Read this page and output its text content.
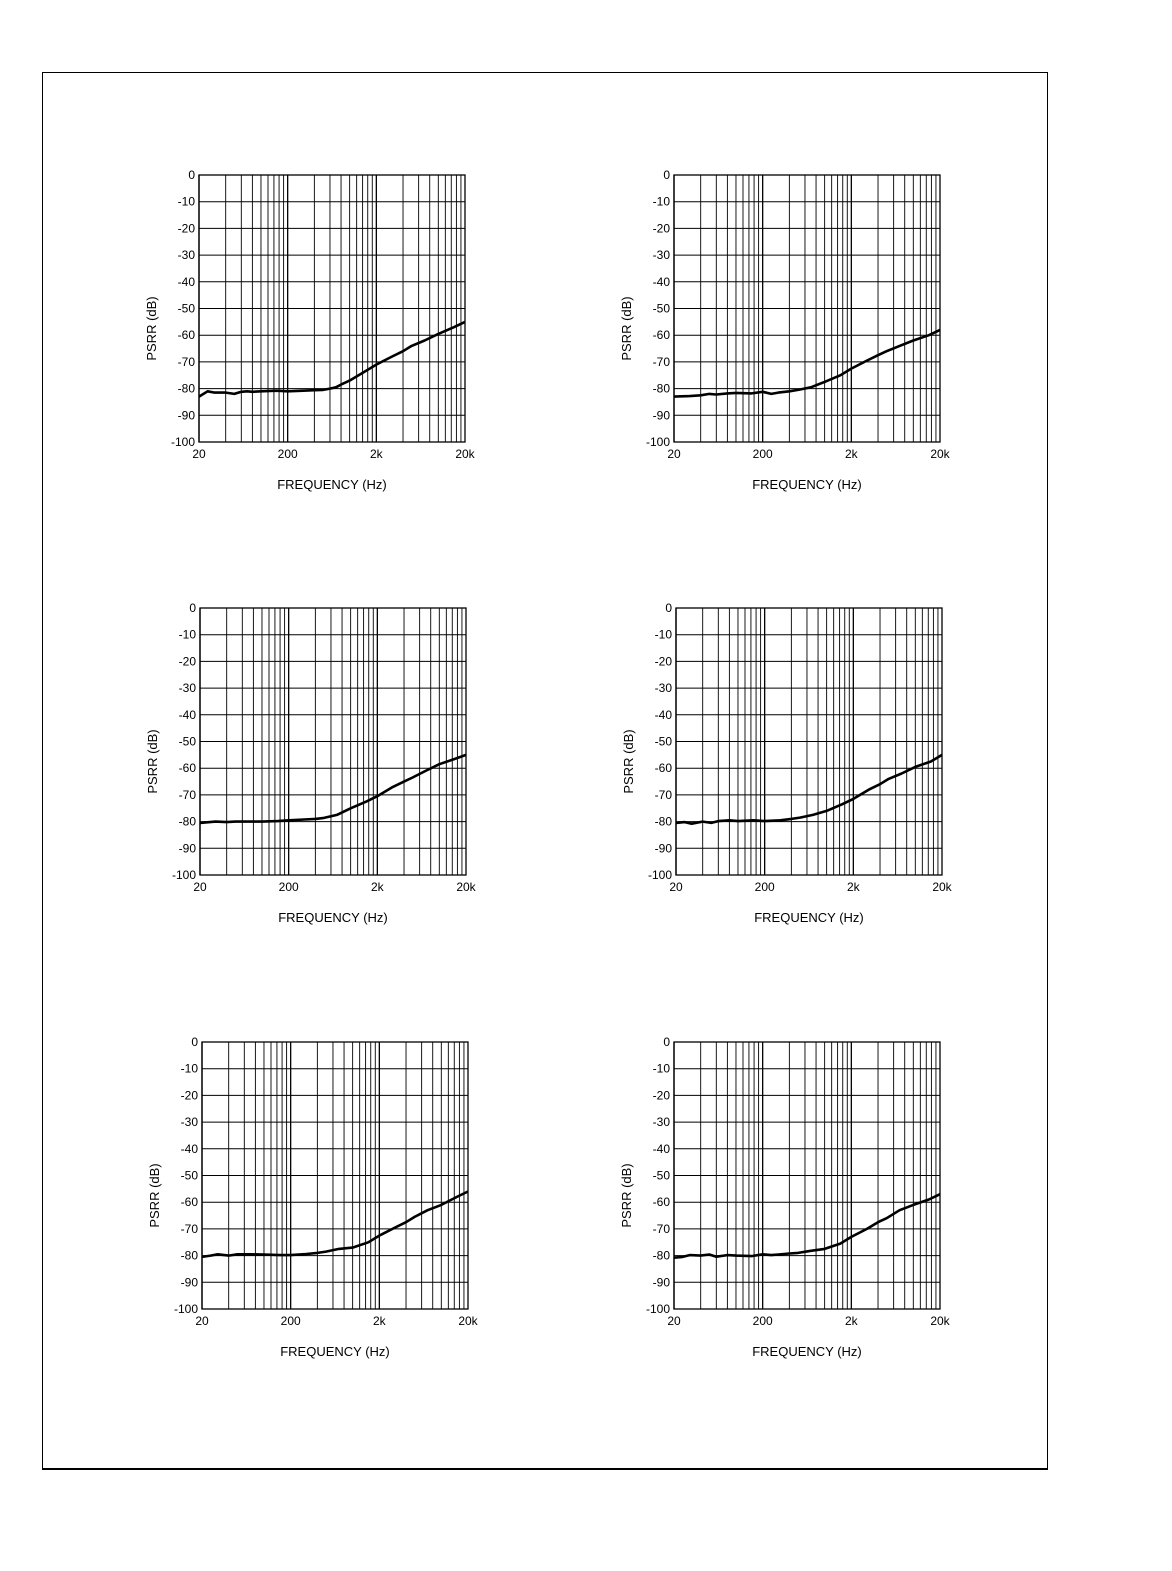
0
-10
-20
-30
-40
-50
-60
-70
-80
-90
-100
20	200	2k	20k
FREQUENCY (Hz)
PSRR (dB)
0
-10
-20
-30
-40
-50
-60
-70
-80
-90
-100
20	200	2k	20k
FREQUENCY (Hz)
PSRR (dB)
0
-10
-20
-30
-40
-50
-60
-70
-80
-90
-100
20	200	2k	20k
FREQUENCY (Hz)
PSRR (dB)
0
-10
-20
-30
-40
-50
-60
-70
-80
-90
-100
20	200	2k	20k
FREQUENCY (Hz)
PSRR (dB)
0
-10
-20
-30
-40
-50
-60
-70
-80
-90
-100
20	200	2k	20k
FREQUENCY (Hz)
PSRR (dB)
0
-10
-20
-30
-40
-50
-60
-70
-80
-90
-100
20	200	2k	20k
FREQUENCY (Hz)
PSRR (dB)
